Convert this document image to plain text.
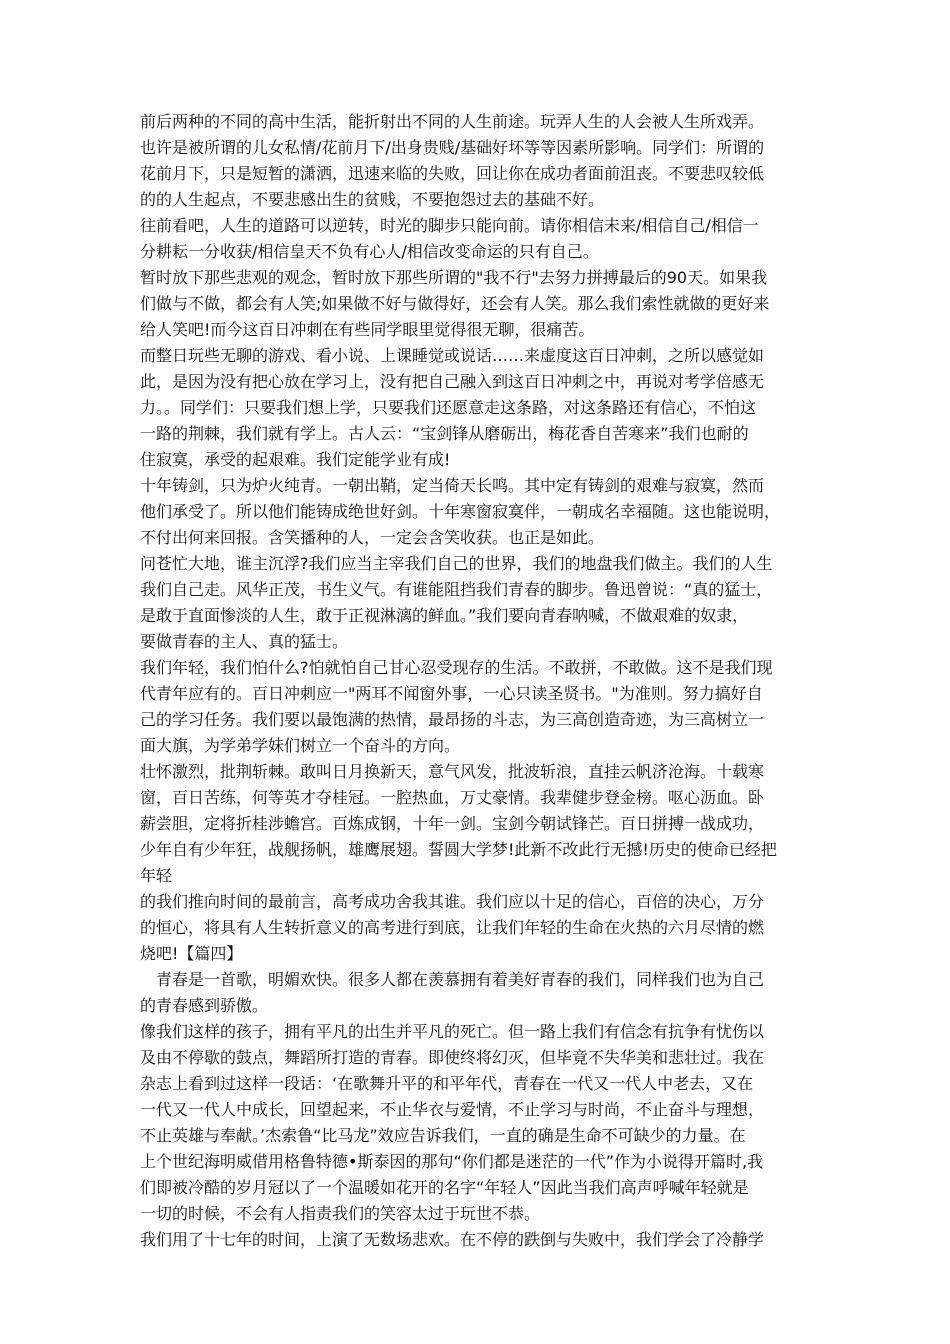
前后两种的不同的高中生活，能折射出不同的人生前途。玩弄人生的人会被人生所戏弄。
也许是被所谓的儿女私情/花前月下/出身贵贱/基础好坏等等因素所影响。同学们：所谓的
花前月下，只是短暂的潇洒，迅速来临的失败，回让你在成功者面前沮丧。不要悲叹较低
的的人生起点，不要悲感出生的贫贱，不要抱怨过去的基础不好。
往前看吧，人生的道路可以逆转，时光的脚步只能向前。请你相信未来/相信自己/相信一
分耕耘一分收获/相信皇天不负有心人/相信改变命运的只有自己。
暂时放下那些悲观的观念，暂时放下那些所谓的"我不行"去努力拼搏最后的90天。如果我
们做与不做，都会有人笑;如果做不好与做得好，还会有人笑。那么我们索性就做的更好来
给人笑吧!而今这百日冲刺在有些同学眼里觉得很无聊，很痛苦。
而整日玩些无聊的游戏、看小说、上课睡觉或说话……来虚度这百日冲刺，之所以感觉如
此，是因为没有把心放在学习上，没有把自己融入到这百日冲刺之中，再说对考学倍感无
力。。同学们：只要我们想上学，只要我们还愿意走这条路，对这条路还有信心，不怕这
一路的荆棘，我们就有学上。古人云：“宝剑锋从磨砺出，梅花香自苦寒来”我们也耐的
住寂寞，承受的起艰难。我们定能学业有成!
十年铸剑，只为炉火纯青。一朝出鞘，定当倚天长鸣。其中定有铸剑的艰难与寂寞，然而
他们承受了。所以他们能铸成绝世好剑。十年寒窗寂寞伴，一朝成名幸福随。这也能说明，
不付出何来回报。含笑播种的人，一定会含笑收获。也正是如此。
问苍忙大地，谁主沉浮?我们应当主宰我们自己的世界，我们的地盘我们做主。我们的人生
我们自己走。风华正茂，书生义气。有谁能阻挡我们青春的脚步。鲁迅曾说：“真的猛士，
是敢于直面惨淡的人生，敢于正视淋漓的鲜血。”我们要向青春呐喊，不做艰难的奴隶，
要做青春的主人、真的猛士。
我们年轻，我们怕什么?怕就怕自己甘心忍受现存的生活。不敢拼，不敢做。这不是我们现
代青年应有的。百日冲刺应一"两耳不闻窗外事，一心只读圣贤书。"为准则。努力搞好自
己的学习任务。我们要以最饱满的热情，最昂扬的斗志，为三高创造奇迹，为三高树立一
面大旗，为学弟学妹们树立一个奋斗的方向。
壮怀激烈，批荆斩棘。敢叫日月换新天，意气风发，批波斩浪，直挂云帆济沧海。十载寒
窗，百日苦练，何等英才夺桂冠。一腔热血，万丈豪情。我辈健步登金榜。呕心沥血。卧
薪尝胆，定将折桂涉蟾宫。百炼成钢，十年一剑。宝剑今朝试锋芒。百日拼搏一战成功，
少年自有少年狂，战舰扬帆，雄鹰展翅。誓圆大学梦!此新不改此行无撼!历史的使命已经把
年轻
的我们推向时间的最前言，高考成功舍我其谁。我们应以十足的信心，百倍的决心，万分
的恒心，将具有人生转折意义的高考进行到底，让我们年轻的生命在火热的六月尽情的燃
烧吧!【篇四】
　青春是一首歌，明媚欢快。很多人都在羡慕拥有着美好青春的我们，同样我们也为自己
的青春感到骄傲。
像我们这样的孩子，拥有平凡的出生并平凡的死亡。但一路上我们有信念有抗争有忧伤以
及由不停歇的鼓点，舞蹈所打造的青春。即使终将幻灭，但毕竟不失华美和悲壮过。我在
杂志上看到过这样一段话：‘在歌舞升平的和平年代，青春在一代又一代人中老去，又在
一代又一代人中成长，回望起来，不止华衣与爱情，不止学习与时尚，不止奋斗与理想，
不止英雄与奉献。’杰索鲁“比马龙”效应告诉我们，一直的确是生命不可缺少的力量。在
上个世纪海明威借用格鲁特德•斯泰因的那句“你们都是迷茫的一代”作为小说得开篇时,我
们即被冷酷的岁月冠以了一个温暖如花开的名字“年轻人”因此当我们高声呼喊年轻就是
一切的时候，不会有人指责我们的笑容太过于玩世不恭。
我们用了十七年的时间，上演了无数场悲欢。在不停的跌倒与失败中，我们学会了冷静学
